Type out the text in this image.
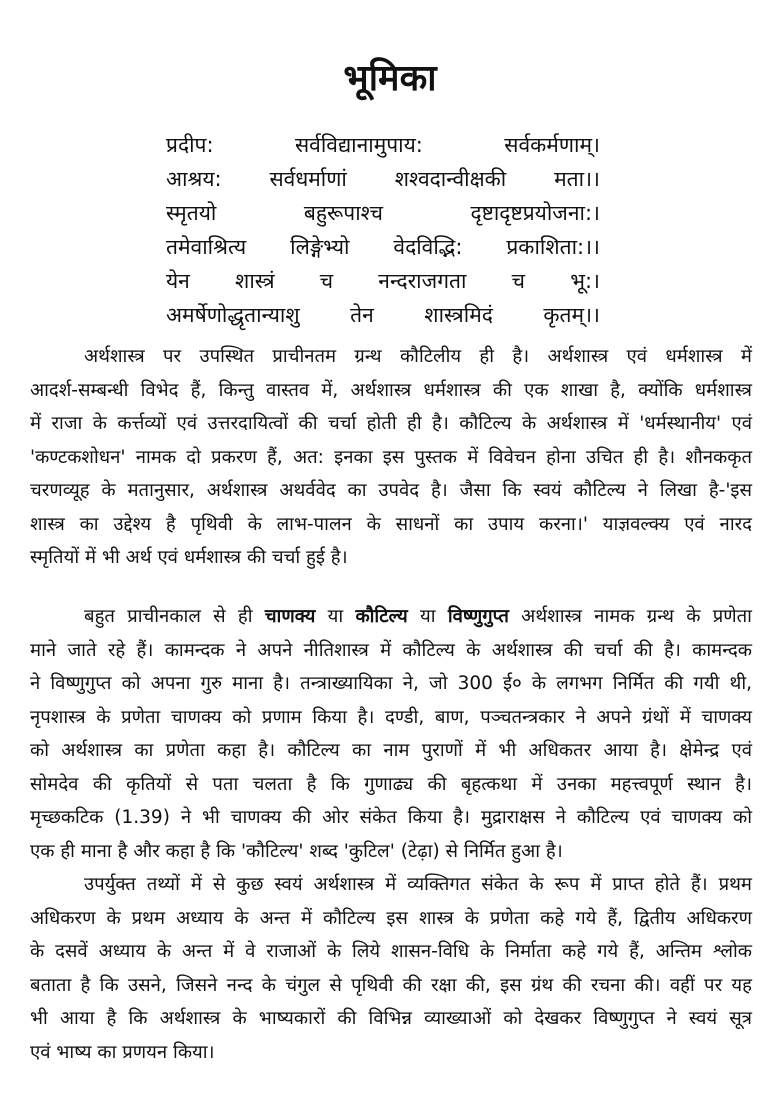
भूमिका
प्रदीप: सर्वविद्यानामुपाय: सर्वकर्मणाम्।
आश्रय: सर्वधर्माणां शश्वदान्वीक्षकी मता।।
स्मृतयो बहुरूपाश्च दृष्टादृष्टप्रयोजना:।
तमेवाश्रित्य लिङ्गेभ्यो वेदविद्भि: प्रकाशिता:।।
येन शास्त्रं च नन्दराजगता च भू:।
अमर्षेणोद्धृतान्याशु तेन शास्त्रमिदं कृतम्।।
अर्थशास्त्र पर उपस्थित प्राचीनतम ग्रन्थ कौटिलीय ही है। अर्थशास्त्र एवं धर्मशास्त्र में
आदर्श-सम्बन्धी विभेद हैं, किन्तु वास्तव में, अर्थशास्त्र धर्मशास्त्र की एक शाखा है, क्योंकि धर्मशास्त्र
में राजा के कर्त्तव्यों एवं उत्तरदायित्वों की चर्चा होती ही है। कौटिल्य के अर्थशास्त्र में 'धर्मस्थानीय' एवं
'कण्टकशोधन' नामक दो प्रकरण हैं, अत: इनका इस पुस्तक में विवेचन होना उचित ही है। शौनककृत
चरणव्यूह के मतानुसार, अर्थशास्त्र अथर्ववेद का उपवेद है। जैसा कि स्वयं कौटिल्य ने लिखा है-'इस
शास्त्र का उद्देश्य है पृथिवी के लाभ-पालन के साधनों का उपाय करना।' याज्ञवल्क्य एवं नारद
स्मृतियों में भी अर्थ एवं धर्मशास्त्र की चर्चा हुई है।
बहुत प्राचीनकाल से ही चाणक्य या कौटिल्य या विष्णुगुप्त अर्थशास्त्र नामक ग्रन्थ के प्रणेता
माने जाते रहे हैं। कामन्दक ने अपने नीतिशास्त्र में कौटिल्य के अर्थशास्त्र की चर्चा की है। कामन्दक
ने विष्णुगुप्त को अपना गुरु माना है। तन्त्राख्यायिका ने, जो 300 ई० के लगभग निर्मित की गयी थी,
नृपशास्त्र के प्रणेता चाणक्य को प्रणाम किया है। दण्डी, बाण, पञ्चतन्त्रकार ने अपने ग्रंथों में चाणक्य
को अर्थशास्त्र का प्रणेता कहा है। कौटिल्य का नाम पुराणों में भी अधिकतर आया है। क्षेमेन्द्र एवं
सोमदेव की कृतियों से पता चलता है कि गुणाढ्य की बृहत्कथा में उनका महत्त्वपूर्ण स्थान है।
मृच्छकटिक (1.39) ने भी चाणक्य की ओर संकेत किया है। मुद्राराक्षस ने कौटिल्य एवं चाणक्य को
एक ही माना है और कहा है कि 'कौटिल्य' शब्द 'कुटिल' (टेढ़ा) से निर्मित हुआ है।
उपर्युक्त तथ्यों में से कुछ स्वयं अर्थशास्त्र में व्यक्तिगत संकेत के रूप में प्राप्त होते हैं। प्रथम
अधिकरण के प्रथम अध्याय के अन्त में कौटिल्य इस शास्त्र के प्रणेता कहे गये हैं, द्वितीय अधिकरण
के दसवें अध्याय के अन्त में वे राजाओं के लिये शासन-विधि के निर्माता कहे गये हैं, अन्तिम श्लोक
बताता है कि उसने, जिसने नन्द के चंगुल से पृथिवी की रक्षा की, इस ग्रंथ की रचना की। वहीं पर यह
भी आया है कि अर्थशास्त्र के भाष्यकारों की विभिन्न व्याख्याओं को देखकर विष्णुगुप्त ने स्वयं सूत्र
एवं भाष्य का प्रणयन किया।
